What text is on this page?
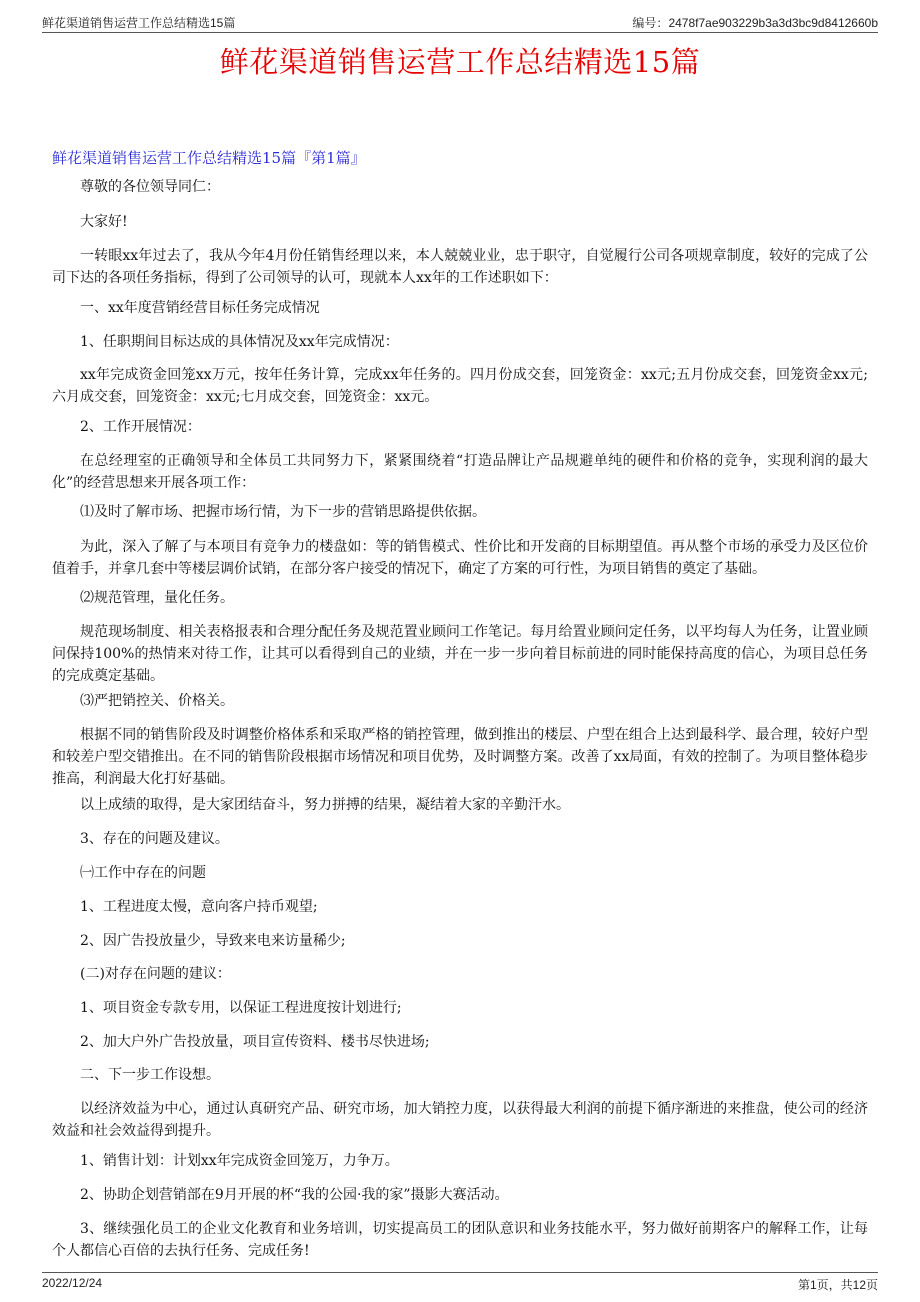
鲜花渠道销售运营工作总结精选15篇	编号：2478f7ae903229b3a3d3bc9d8412660b
鲜花渠道销售运营工作总结精选15篇
鲜花渠道销售运营工作总结精选15篇『第1篇』
尊敬的各位领导同仁：
大家好!
一转眼xx年过去了，我从今年4月份任销售经理以来，本人兢兢业业，忠于职守，自觉履行公司各项规章制度，较好的完成了公司下达的各项任务指标，得到了公司领导的认可，现就本人xx年的工作述职如下：
一、xx年度营销经营目标任务完成情况
1、任职期间目标达成的具体情况及xx年完成情况：
xx年完成资金回笼xx万元，按年任务计算，完成xx年任务的。四月份成交套，回笼资金：xx元;五月份成交套，回笼资金xx元;六月成交套，回笼资金：xx元;七月成交套，回笼资金：xx元。
2、工作开展情况：
在总经理室的正确领导和全体员工共同努力下，紧紧围绕着“打造品牌让产品规避单纯的硬件和价格的竞争，实现利润的最大化”的经营思想来开展各项工作：
⑴及时了解市场、把握市场行情，为下一步的营销思路提供依据。
为此，深入了解了与本项目有竞争力的楼盘如：等的销售模式、性价比和开发商的目标期望值。再从整个市场的承受力及区位价值着手，并拿几套中等楼层调价试销，在部分客户接受的情况下，确定了方案的可行性，为项目销售的奠定了基础。
⑵规范管理，量化任务。
规范现场制度、相关表格报表和合理分配任务及规范置业顾问工作笔记。每月给置业顾问定任务，以平均每人为任务，让置业顾问保持100%的热情来对待工作，让其可以看得到自己的业绩，并在一步一步向着目标前进的同时能保持高度的信心，为项目总任务的完成奠定基础。
⑶严把销控关、价格关。
根据不同的销售阶段及时调整价格体系和采取严格的销控管理，做到推出的楼层、户型在组合上达到最科学、最合理，较好户型和较差户型交错推出。在不同的销售阶段根据市场情况和项目优势，及时调整方案。改善了xx局面，有效的控制了。为项目整体稳步推高，利润最大化打好基础。
以上成绩的取得，是大家团结奋斗，努力拼搏的结果，凝结着大家的辛勤汗水。
3、存在的问题及建议。
㈠工作中存在的问题
1、工程进度太慢，意向客户持币观望;
2、因广告投放量少，导致来电来访量稀少;
(二)对存在问题的建议：
1、项目资金专款专用，以保证工程进度按计划进行;
2、加大户外广告投放量，项目宣传资料、楼书尽快进场;
二、下一步工作设想。
以经济效益为中心，通过认真研究产品、研究市场，加大销控力度，以获得最大利润的前提下循序渐进的来推盘，使公司的经济效益和社会效益得到提升。
1、销售计划：计划xx年完成资金回笼万，力争万。
2、协助企划营销部在9月开展的杯“我的公园·我的家”摄影大赛活动。
3、继续强化员工的企业文化教育和业务培训，切实提高员工的团队意识和业务技能水平，努力做好前期客户的解释工作，让每个人都信心百倍的去执行任务、完成任务!
2022/12/24	第1页，共12页
